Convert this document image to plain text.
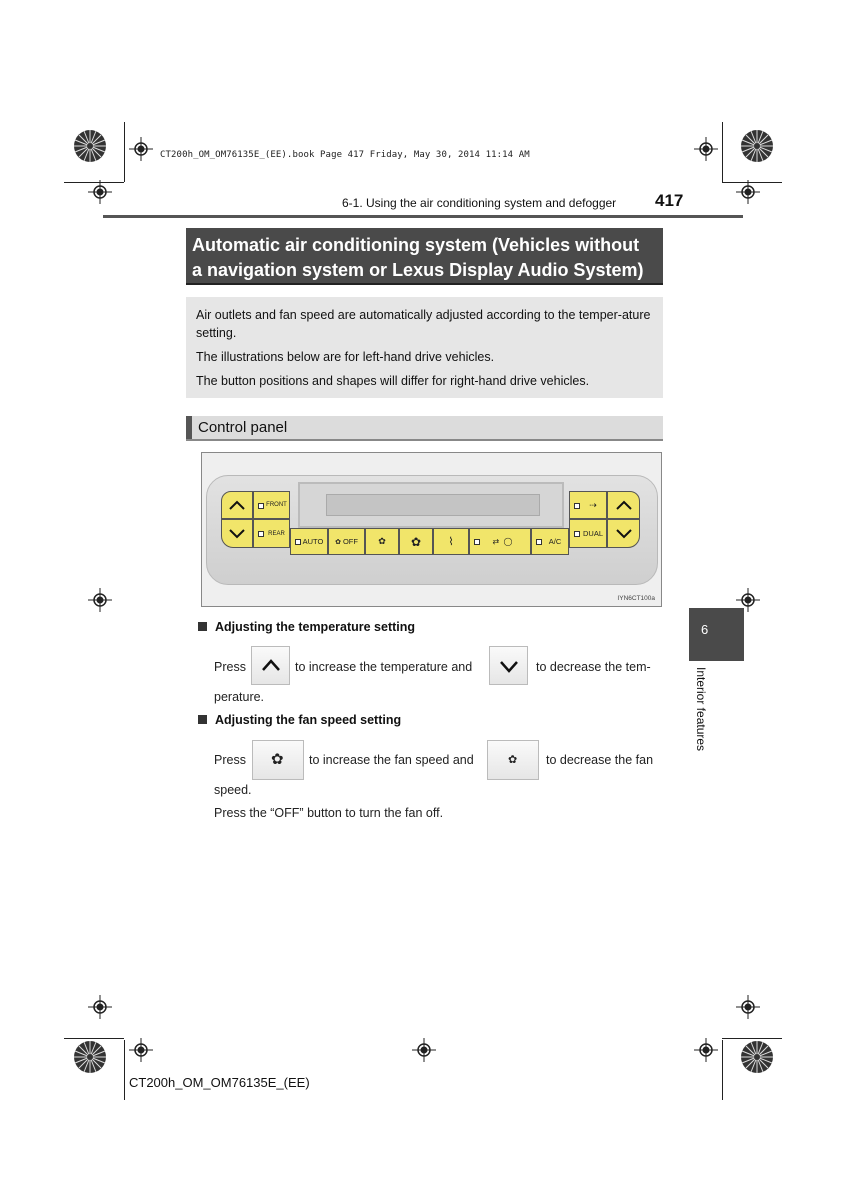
CT200h_OM_OM76135E_(EE).book Page 417 Friday, May 30, 2014 11:14 AM
6-1. Using the air conditioning system and defogger 417
Automatic air conditioning system (Vehicles without
a navigation system or Lexus Display Audio System)

Air outlets and fan speed are automatically adjusted according to the temper-ature setting.

The illustrations below are for left-hand drive vehicles.

The button positions and shapes will differ for right-hand drive vehicles.

Control panel
FRONT
REAR
AUTO ✿ OFF ✿ ✿ ⌇	⇄ ◯	A/C
⇢
DUAL
IYN6CT100a
Adjusting the temperature setting
Press	to increase the temperature and	to decrease the tem-
perature.
Adjusting the fan speed setting
Press ✿ to increase the fan speed and	✿ to decrease the fan
speed.
Press the “OFF” button to turn the fan off.
6
Interior features
CT200h_OM_OM76135E_(EE)
